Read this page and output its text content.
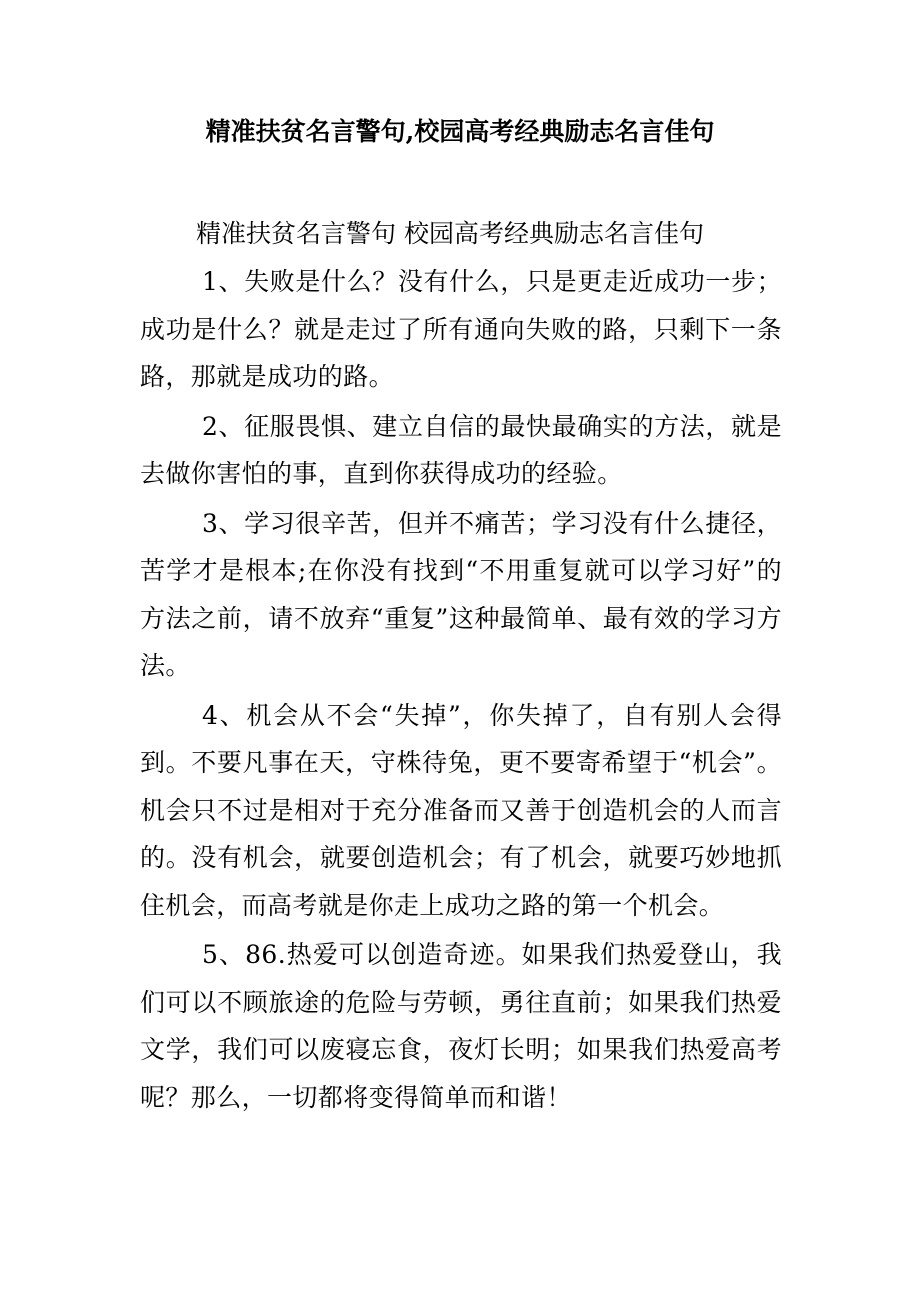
精准扶贫名言警句,校园高考经典励志名言佳句

精准扶贫名言警句 校园高考经典励志名言佳句

1、失败是什么？没有什么，只是更走近成功一步；成功是什么？就是走过了所有通向失败的路，只剩下一条路，那就是成功的路。

2、征服畏惧、建立自信的最快最确实的方法，就是去做你害怕的事，直到你获得成功的经验。

3、学习很辛苦，但并不痛苦；学习没有什么捷径，苦学才是根本;在你没有找到“不用重复就可以学习好”的方法之前，请不放弃“重复”这种最简单、最有效的学习方法。

4、机会从不会“失掉”，你失掉了，自有别人会得到。不要凡事在天，守株待兔，更不要寄希望于“机会”。机会只不过是相对于充分准备而又善于创造机会的人而言的。没有机会，就要创造机会；有了机会，就要巧妙地抓住机会，而高考就是你走上成功之路的第一个机会。

5、86.热爱可以创造奇迹。如果我们热爱登山，我们可以不顾旅途的危险与劳顿，勇往直前；如果我们热爱文学，我们可以废寝忘食，夜灯长明；如果我们热爱高考呢？那么，一切都将变得简单而和谐！
